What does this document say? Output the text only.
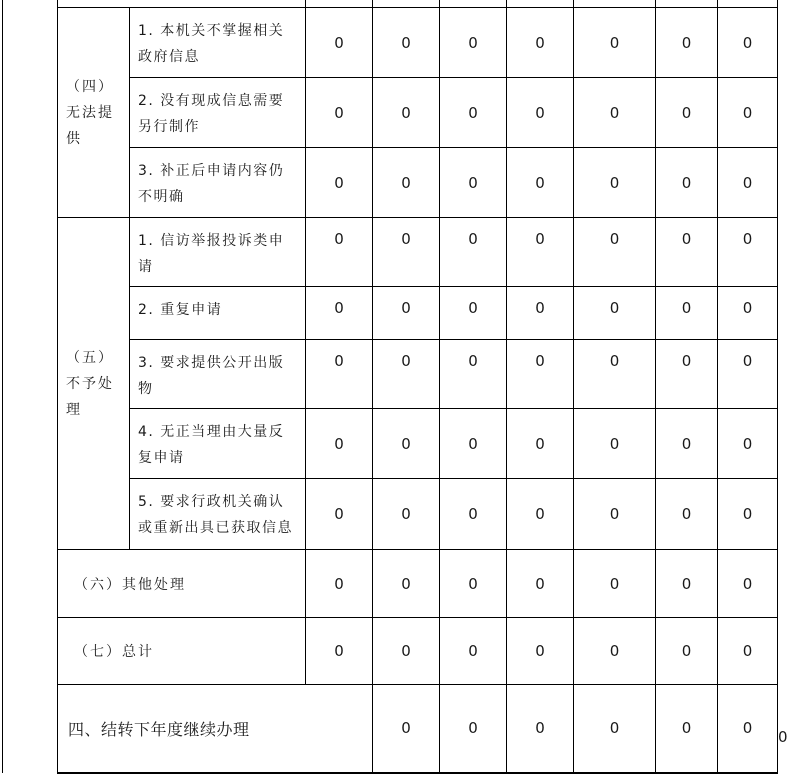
	（四）无法提供	1. 本机关不掌握相关政府信息	0	0	0	0	0	0	0	
		2. 没有现成信息需要另行制作	0	0	0	0	0	0	0	
		3. 补正后申请内容仍不明确	0	0	0	0	0	0	0	
	（五）不予处理	1. 信访举报投诉类申请	0	0	0	0	0	0	0	
		2. 重复申请	0	0	0	0	0	0	0	
		3. 要求提供公开出版物	0	0	0	0	0	0	0	
		4. 无正当理由大量反复申请	0	0	0	0	0	0	0	
		5. 要求行政机关确认或重新出具已获取信息	0	0	0	0	0	0	0	
	（六）其他处理		0	0	0	0	0	0	0	
	（七）总计		0	0	0	0	0	0	0	
	四、结转下年度继续办理			0	0	0	0	0	0	0
